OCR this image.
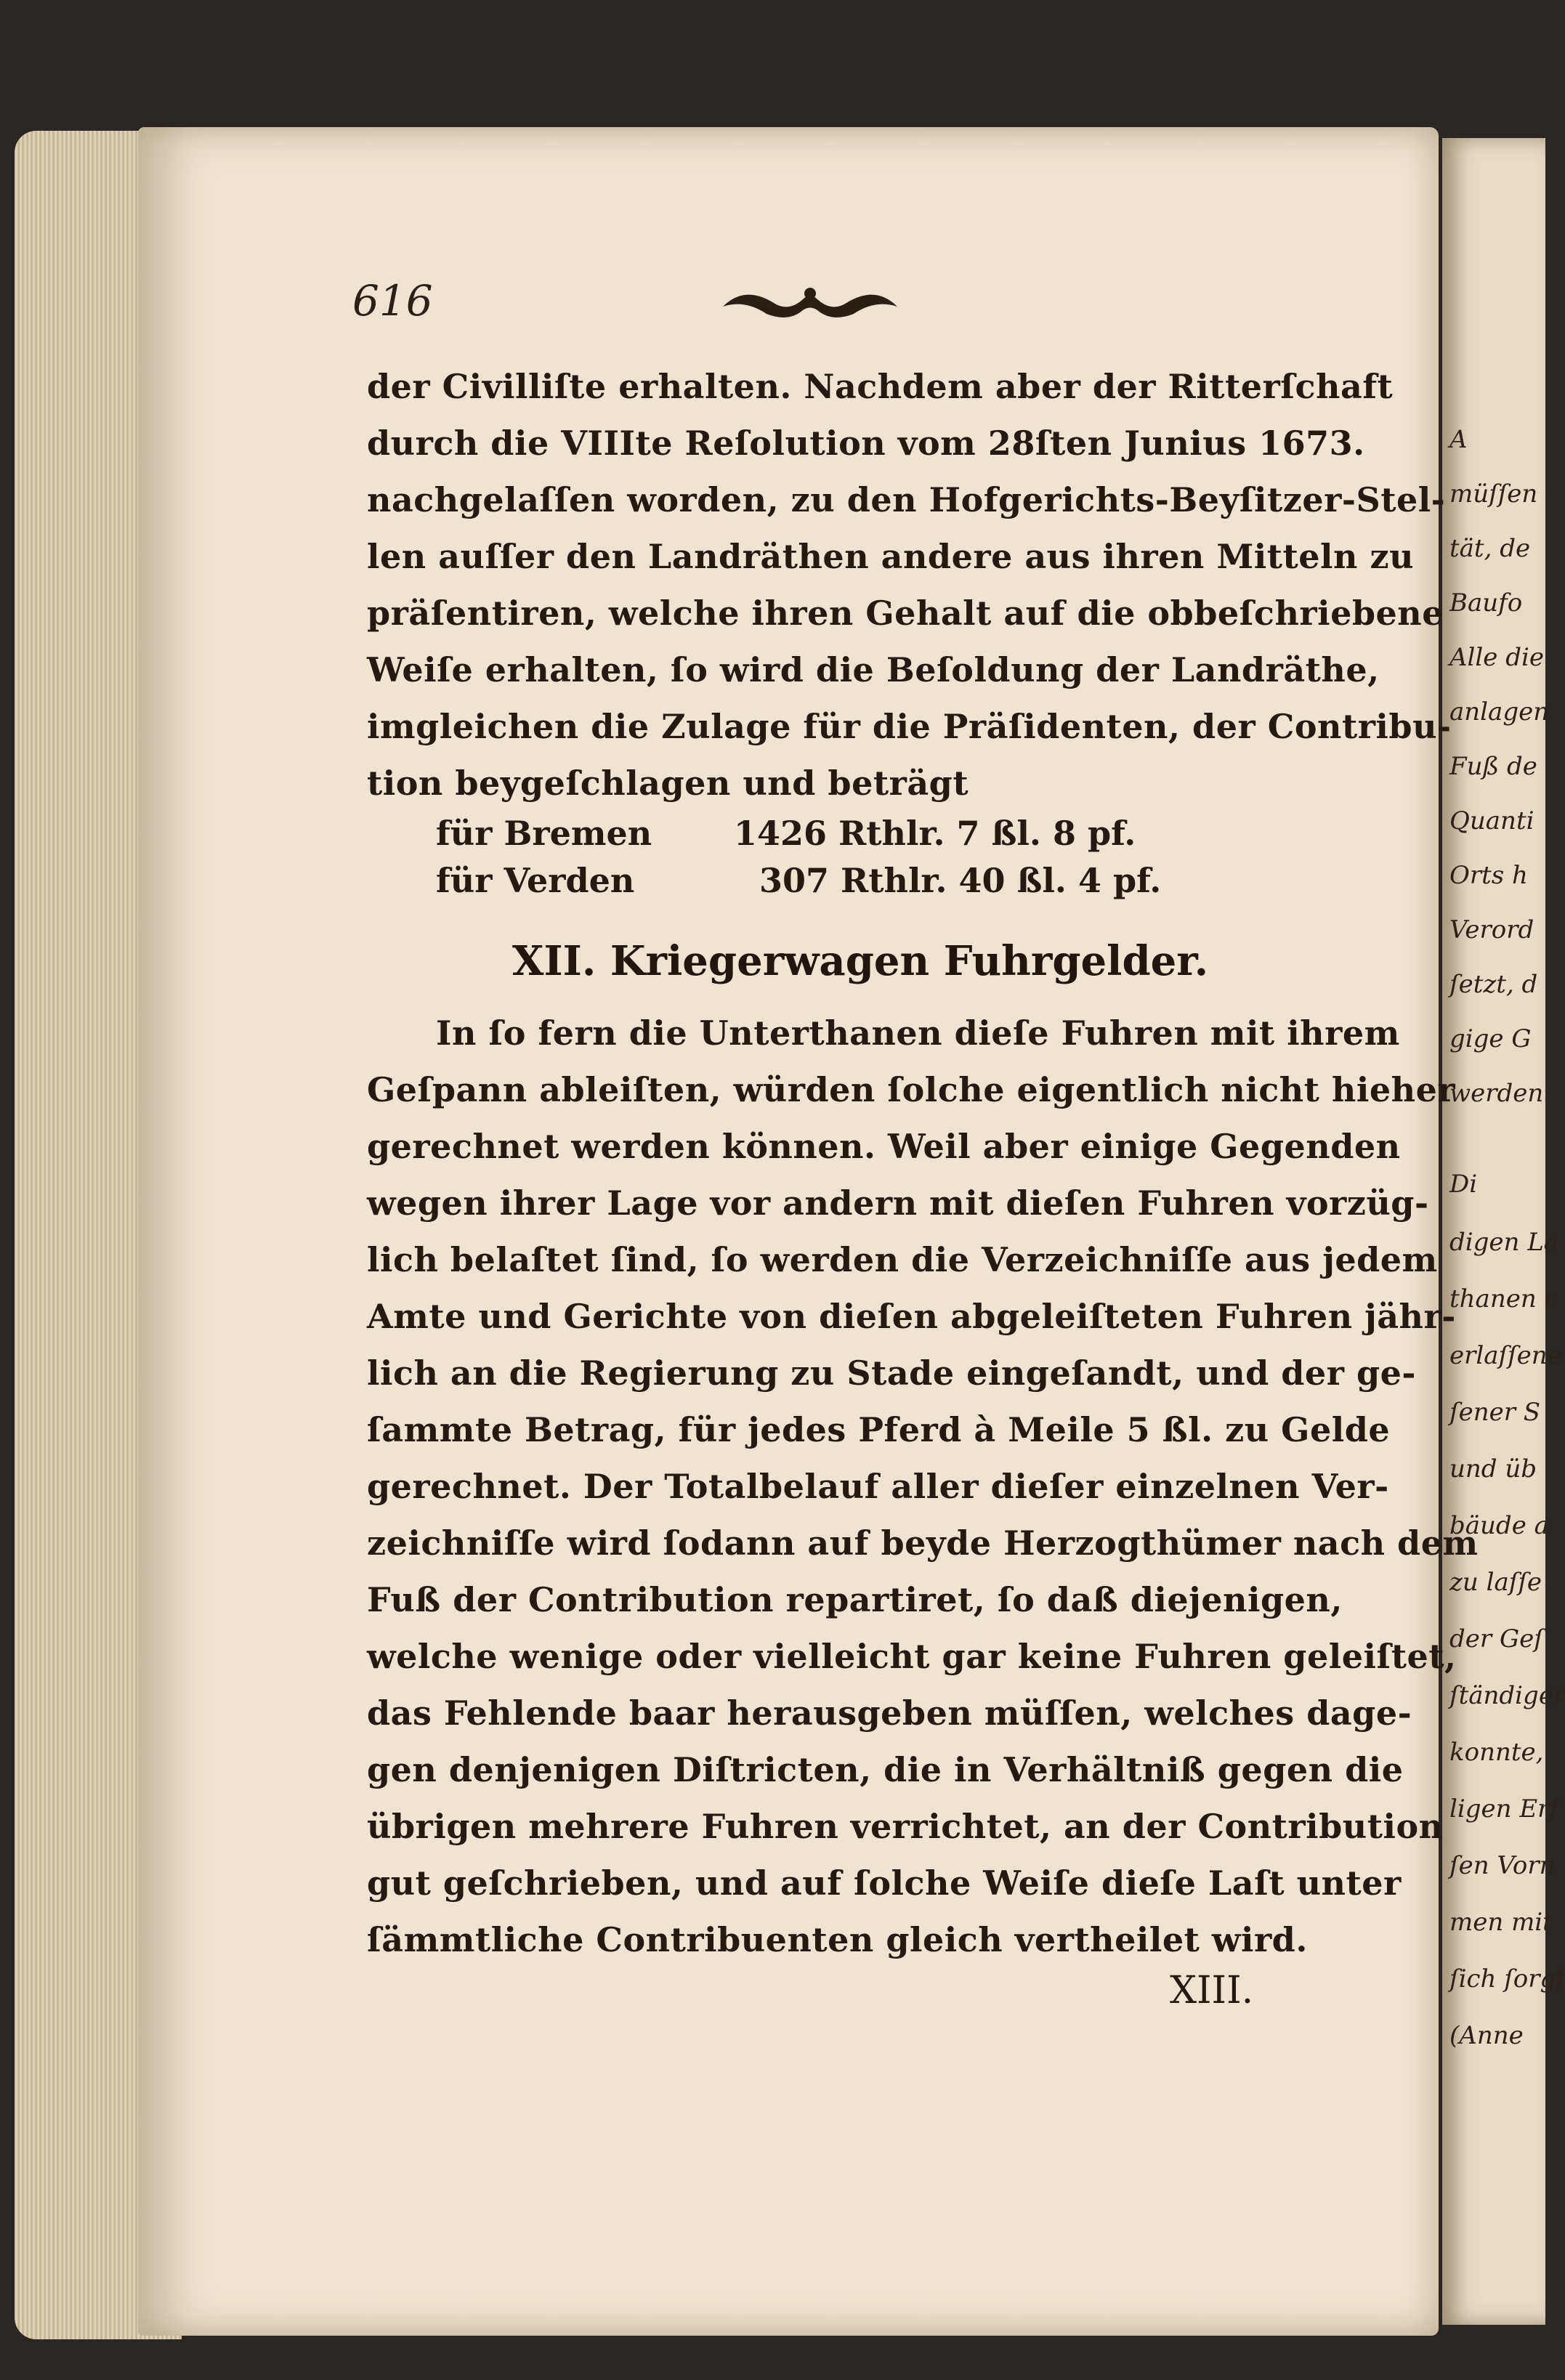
A
müſſen
tät, de
Baufo
Alle die
anlagen
Fuß de
Quanti
Orts h
Verord
ſetzt, d
gige G
werden
Di
digen La
thanen c
erlaſſene
ſener S
und üb
bäude a
zu laſſe
der Geſ
ſtändiger
konnte,
ligen Erf
ſen Vorn
men mit
ſich ſorgf
(Anne
616
der Civilliſte erhalten. Nachdem aber der Ritterſchaft
durch die VIIIte Reſolution vom 28ſten Junius 1673.
nachgelaſſen worden, zu den Hofgerichts-Beyſitzer-Stel-
len auſſer den Landräthen andere aus ihren Mitteln zu
präſentiren, welche ihren Gehalt auf die obbeſchriebene
Weiſe erhalten, ſo wird die Beſoldung der Landräthe,
imgleichen die Zulage für die Präſidenten, der Contribu-
tion beygeſchlagen und beträgt
für Bremen 1426 Rthlr. 7 ßl. 8 pf.
für Verden	307 Rthlr. 40 ßl. 4 pf.
XII. Kriegerwagen Fuhrgelder.
In ſo fern die Unterthanen dieſe Fuhren mit ihrem
Geſpann ableiſten, würden ſolche eigentlich nicht hieher
gerechnet werden können. Weil aber einige Gegenden
wegen ihrer Lage vor andern mit dieſen Fuhren vorzüg-
lich belaſtet ſind, ſo werden die Verzeichniſſe aus jedem
Amte und Gerichte von dieſen abgeleiſteten Fuhren jähr-
lich an die Regierung zu Stade eingeſandt, und der ge-
ſammte Betrag, für jedes Pferd à Meile 5 ßl. zu Gelde
gerechnet. Der Totalbelauf aller dieſer einzelnen Ver-
zeichniſſe wird ſodann auf beyde Herzogthümer nach dem
Fuß der Contribution repartiret, ſo daß diejenigen,
welche wenige oder vielleicht gar keine Fuhren geleiſtet,
das Fehlende baar herausgeben müſſen, welches dage-
gen denjenigen Diſtricten, die in Verhältniß gegen die
übrigen mehrere Fuhren verrichtet, an der Contribution
gut geſchrieben, und auf ſolche Weiſe dieſe Laſt unter
ſämmtliche Contribuenten gleich vertheilet wird.
XIII.
